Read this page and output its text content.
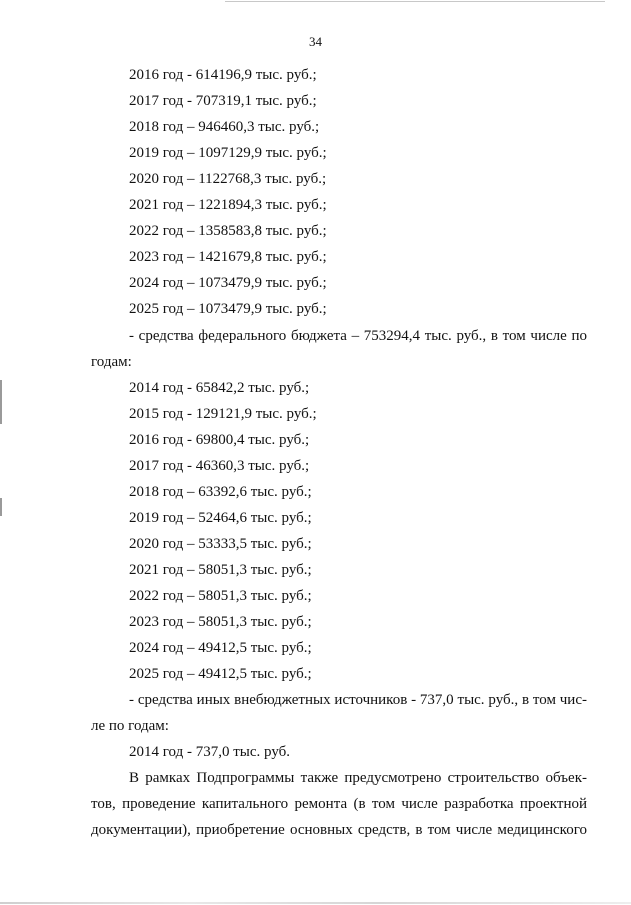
34
2016 год - 614196,9 тыс. руб.;
2017 год - 707319,1 тыс. руб.;
2018 год – 946460,3 тыс. руб.;
2019 год – 1097129,9 тыс. руб.;
2020 год – 1122768,3 тыс. руб.;
2021 год – 1221894,3 тыс. руб.;
2022 год – 1358583,8 тыс. руб.;
2023 год – 1421679,8 тыс. руб.;
2024 год – 1073479,9 тыс. руб.;
2025 год – 1073479,9 тыс. руб.;
- средства федерального бюджета – 753294,4 тыс. руб., в том числе по
годам:
2014 год - 65842,2 тыс. руб.;
2015 год - 129121,9 тыс. руб.;
2016 год - 69800,4 тыс. руб.;
2017 год - 46360,3 тыс. руб.;
2018 год – 63392,6 тыс. руб.;
2019 год – 52464,6 тыс. руб.;
2020 год – 53333,5 тыс. руб.;
2021 год – 58051,3 тыс. руб.;
2022 год – 58051,3 тыс. руб.;
2023 год – 58051,3 тыс. руб.;
2024 год – 49412,5 тыс. руб.;
2025 год – 49412,5 тыс. руб.;
- средства иных внебюджетных источников - 737,0 тыс. руб., в том чис-
ле по годам:
2014 год - 737,0 тыс. руб.
В рамках Подпрограммы также предусмотрено строительство объек-
тов, проведение капитального ремонта (в том числе разработка проектной
документации), приобретение основных средств, в том числе медицинского
